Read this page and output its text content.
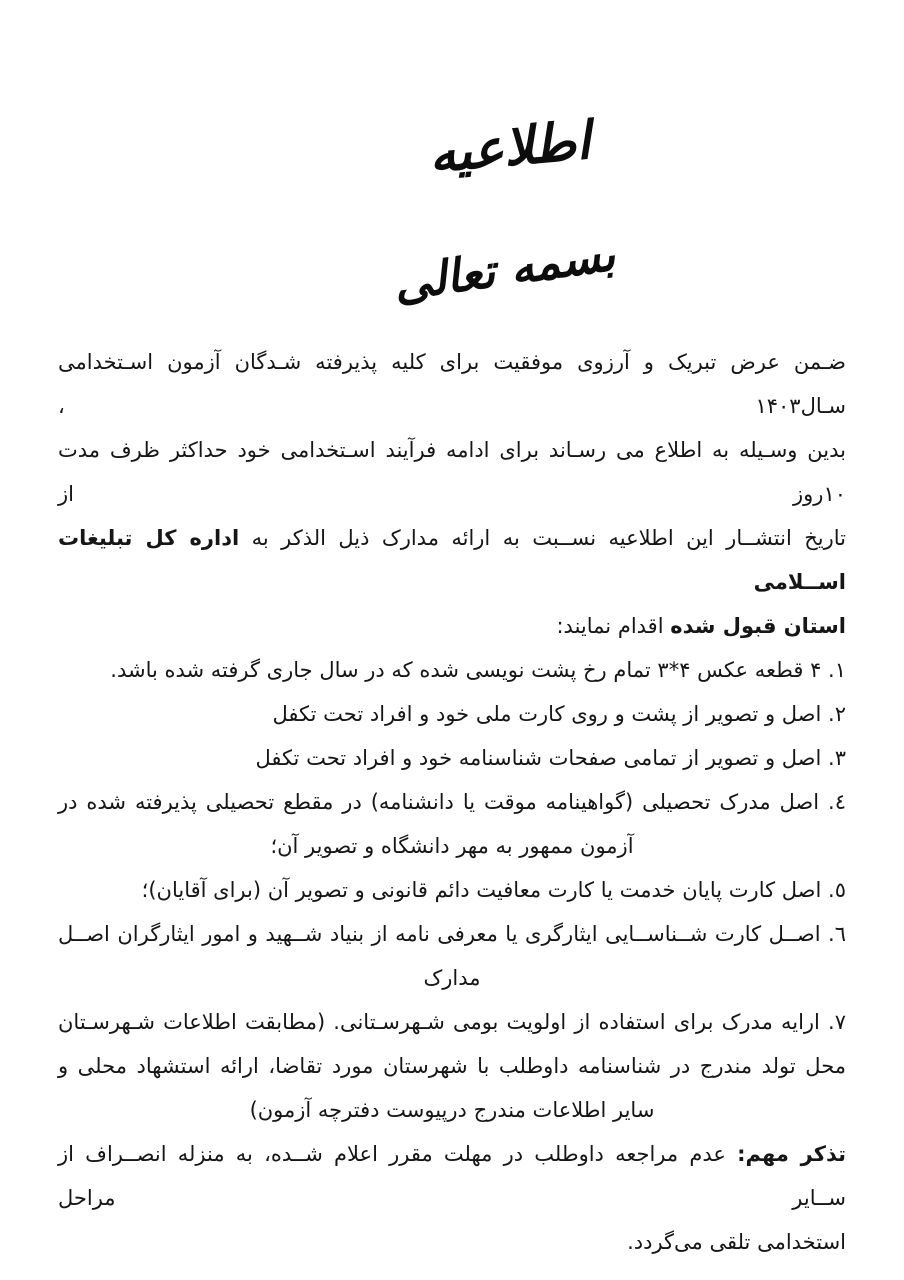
اطلاعیه
بسمه تعالی
ضـمن عرض تبریک و آرزوی موفقیت برای کلیه پذیرفته شـدگان آزمون اسـتخدامی سـال۱۴۰۳ ،
بدین وسـیله به اطلاع می رسـاند برای ادامه فرآیند اسـتخدامی خود حداکثر ظرف مدت ۱۰روز از
تاریخ انتشــار این اطلاعیه نســبت به ارائه مدارک ذیل الذکر به اداره کل تبلیغات اســلامی
استان قبول شده اقدام نمایند:
۱. ۴ قطعه عکس ۴*۳ تمام رخ پشت نویسی شده که در سال جاری گرفته شده باشد.
۲. اصل و تصویر از پشت و روی کارت ملی خود و افراد تحت تکفل
۳. اصل و تصویر از تمامی صفحات شناسنامه خود و افراد تحت تکفل
٤. اصل مدرک تحصیلی (گواهینامه موقت یا دانشنامه) در مقطع تحصیلی پذیرفته شده در
آزمون ممهور به مهر دانشگاه و تصویر آن؛
٥. اصل کارت پایان خدمت یا کارت معافیت دائم قانونی و تصویر آن (برای آقایان)؛
٦. اصــل کارت شــناســایی ایثارگری یا معرفی نامه از بنیاد شــهید و امور ایثارگران اصــل
مدارک
۷. ارایه مدرک برای استفاده از اولویت بومی شـهرسـتانی. (مطابقت اطلاعات شـهرسـتان
محل تولد مندرج در شناسنامه داوطلب با شهرستان مورد تقاضا، ارائه استشهاد محلی و
سایر اطلاعات مندرج درپیوست دفترچه آزمون)
تذکر مهم: عدم مراجعه داوطلب در مهلت مقرر اعلام شــده، به منزله انصــراف از ســایر مراحل
استخدامی تلقی می‌گردد.
